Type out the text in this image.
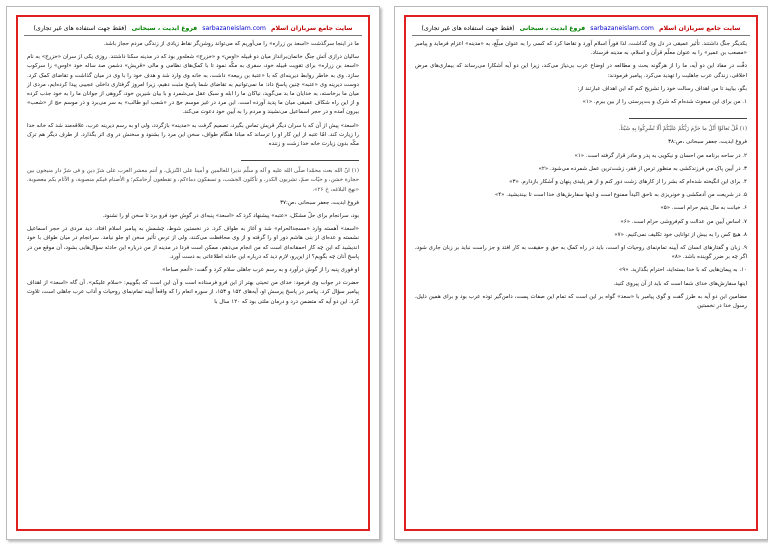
سایت جامع سربازان اسلام
sarbazaneislam.com
فروغ ابدیت ، سبحانی
(فقط جهت استفاده های غیر تجاری)

ما در اینجا سرگذشت «اسعد بن زراره» را می‌آوریم که می‌تواند روشن‌گر نقاط زیادی از زندگی مردم حجاز باشد.

سالیان درازی آتش جنگ خانمان‌برانداز میان دو قبیله «اوس» و «خزرج» شعله‌ور بود که در مدینه سکنا داشتند. روزی یکی از سران «خزرج» به نام «اسعد بن زراره» برای تقویت قبیله خود، سفری به مکّه نمود تا با کمک‌های نظامی و مالی «قریش» دشمن صد ساله خود «اوس» را سرکوب سازد. وی به خاطر روابط دیرینه‌ای که با «عتبة بن ربیعه» داشت، به خانه وی وارد شد و هدف خود را با وی در میان گذاشت و تقاضای کمک کرد. دوست دیرینه وی «عتبه» چنین پاسخ داد: ما نمی‌توانیم به تقاضای شما پاسخ مثبت دهیم، زیرا امروز گرفتاری داخلی عجیبی پیدا کرده‌ایم، مردی از میان ما برخاسته، به خدایان ما بد می‌گوید، نیاکان ما را ابله و سبک عقل می‌شمرد و با بیان شیرین خود، گروهی از جوانان ما را به خود جذب کرده و از این راه شکاف عمیقی میان ما پدید آورده است. این مرد در غیر موسم حج در «شعب ابو طالب» به سر می‌برد و در موسم حج از «شعب» بیرون آمده و در حجر اسماعیل می‌نشیند و مردم را به آیین خود دعوت می‌کند.

«اسعد» پیش از آن که با سران دیگر قریش تماس بگیرد، تصمیم گرفت به «مدینه» بازگردد، ولی او به رسم دیرینه عرب، علاقه‌مند شد که خانه خدا را زیارت کند. امّا عتبه از این کار او را ترساند که مبادا هنگام طواف، سخن این مرد را بشنود و سخنش در وی اثر بگذارد. از طرف دیگر هم ترک مکّه بدون زیارت خانه خدا زشت و زننده

(۱) انّ الله بعث محمّدا صلّی الله علیه و آله و سلّم نذیرا للعالمین و أمینا علی التّنزیل، و أنتم معشر العرب علی شرّ دین و فی شرّ دار منیخون بین حجارة خشن، و حیّات صمّ، تشربون الکدر، و تأکلون الجشب، و تسفکون دماءکم، و تقطعون أرحامکم؛ و الأصنام فیکم منصوبة، و الآثام بکم معصوبة. «نهج البلاغه، خ ۲۶».

فروغ ابدیت، جعفر سبحانی ،ص:۳۷

بود، سرانجام برای حلّ مشکل، «عتبه» پیشنهاد کرد که «اسعد» پنبه‌ای در گوش خود فرو برد تا سخن او را نشنود.

«اسعد» آهسته وارد «مسجدالحرام» شد و آغاز به طواف کرد. در نخستین شوط، چشمش به پیامبر اسلام افتاد. دید مردی در حجر اسماعیل نشسته و عده‌ای از بنی هاشم دور او را گرفته و از وی محافظت می‌کنند، ولی از ترس تأثیر سخن او جلو نیامد. سرانجام در میان طواف با خود اندیشید که این چه کار احمقانه‌ای است که من انجام می‌دهم، ممکن است فردا در مدینه از من درباره این حادثه سؤال‌هایی بشود، آن موقع من در پاسخ آنان چه بگویم؟ از این‌رو، لازم دید که درباره این حادثه اطلاعاتی به دست آورد.

او فوری پنبه را از گوش درآورد و به رسم عرب جاهلی سلام کرد و گفت: «أنعم صباحا»

حضرت در جواب وی فرمود: خدای من تحیتی بهتر از این فرو فرستاده است و آن این است که بگوییم: «سلام علیکم». آن گاه «اسعد» از اهداف پیامبر سؤال کرد. پیامبر در پاسخ پرسش او، آیه‌های ۱۵۲ و ۱۵۳، از سوره انعام را که واقعاً آیینه تمام‌نمای روحیات و آداب عرب جاهلی است، تلاوت کرد. این دو آیه که متضمن درد و درمان ملتی بود که ۱۲۰ سال با

سایت جامع سربازان اسلام
sarbazaneislam.com
فروغ ابدیت ، سبحانی
(فقط جهت استفاده های غیر تجاری)

یکدیگر جنگ داشتند. تأثیر عمیقی در دل وی گذاشت، لذا فوراً اسلام آورد و تقاضا کرد که کسی را به عنوان مبلّغ، به «مدینه» اعزام فرماید و پیامبر «مصعب بن عمیر» را به عنوان معلّم قرآن و اسلام، به مدینه فرستاد.

دقّت در مفاد این دو آیه، ما را از هرگونه بحث و مطالعه در اوضاع عرب بی‌نیاز می‌کند، زیرا این دو آیه آشکارا می‌رساند که بیماری‌های مرض اخلاقی، زندگی عرب جاهلیت را تهدید می‌کرد. پیامبر فرمودند:

بگو، بیایید تا من اهداف رسالت خود را تشریح کنم که این اهداف عبارتند از:

۱. من برای این مبعوث شده‌ام که شرک و بت‌پرستی را از بین ببرم. «۱»

(۱) قُلْ تَعالَوْا أَتْلُ ما حَرَّمَ رَبُّکُمْ عَلَیْکُمْ أَلّا تُشْرِکُوا بِهِ شَیْئاً.

فروغ ابدیت، جعفر سبحانی ،ص:۳۸

۲. در ساحه برنامه من احسان و نیکویی به پدر و مادر قرار گرفته است. «۱»

۳. در آیین پاک من فرزندکشی به منظور ترس از فقر، زشت‌ترین عمل شمرده می‌شود. «۲»

۴. برای این انگیخته شده‌ام که بشر را از کارهای زشت دور کنم و از هر پلیدی پنهان و آشکار بازدارم. «۳»

۵. در شریعت من آدمکشی و خونریزی به ناحق اکیداً ممنوع است و اینها سفارش‌های خدا است تا بیندیشید. «۴»

۶. خیانت به مال یتیم حرام است. «۵»

۷. اساس آیین من عدالت و کم‌فروشی حرام است. «۶»

۸. هیچ کس را به بیش از توانایی خود تکلیف نمی‌کنیم. «۷»

۹. زبان و گفتارهای انسان که آیینه تمام‌نمای روحیات او است، باید در راه کمک به حق و حقیقت به کار افتد و جز راست نباید بر زبان جاری شود، اگر چه بر ضرر گوینده باشد. «۸»

۱۰. به پیمان‌هایی که با خدا بسته‌اید، احترام بگذارید. «۹»

اینها سفارش‌های خدای شما است که باید از آن پیروی کنید.

مضامین این دو آیه به طرز گفت و گوی پیامبر با «سعد» گواه بر این است که تمام این صفات پست، دامن‌گیر توده عرب بود و برای همین دلیل، رسول خدا در نخستین
